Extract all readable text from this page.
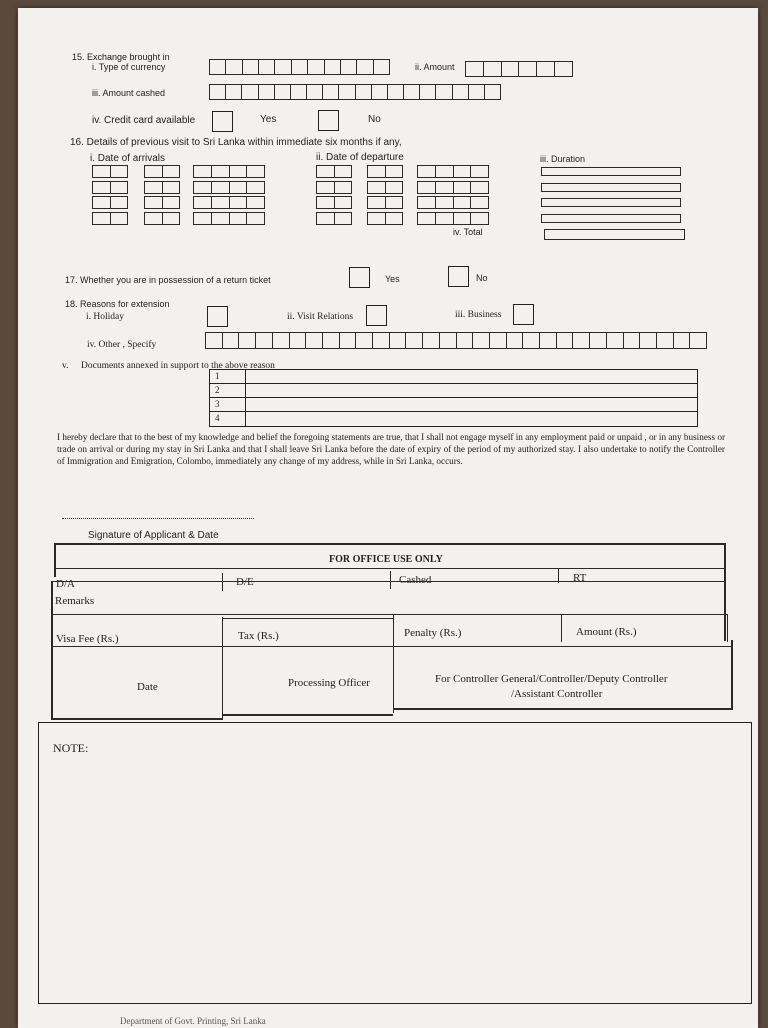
15. Exchange brought in
i. Type of currency	ii. Amount
iii. Amount cashed
iv. Credit card available	Yes	No
16. Details of previous visit to Sri Lanka within immediate six months if any,
i. Date of arrivals	ii. Date of departure	iii. Duration
iv. Total
17. Whether you are in possession of a return ticket	Yes	No
18. Reasons for extension
i. Holiday	ii. Visit Relations	iii. Business
iv. Other , Specify
v. Documents annexed in support to the above reason
1
2
3
4
I hereby declare that to the best of my knowledge and belief the foregoing statements are true, that I shall not engage myself in any employment paid or unpaid , or in any business or trade on arrival or during my stay in Sri Lanka and that I shall leave Sri Lanka before the date of expiry of the period of my authorized stay. I also undertake to notify the Controller of Immigration and Emigration, Colombo, immediately any change of my address, while in Sri Lanka, occurs.
Signature of Applicant & Date
FOR OFFICE USE ONLY
D/A	D/E	Cashed	RT
Remarks
Visa Fee (Rs.)	Tax (Rs.)	Penalty (Rs.)	Amount (Rs.)
Date	Processing Officer	For Controller General/Controller/Deputy Controller
/Assistant Controller
NOTE:
Department of Govt. Printing, Sri Lanka
